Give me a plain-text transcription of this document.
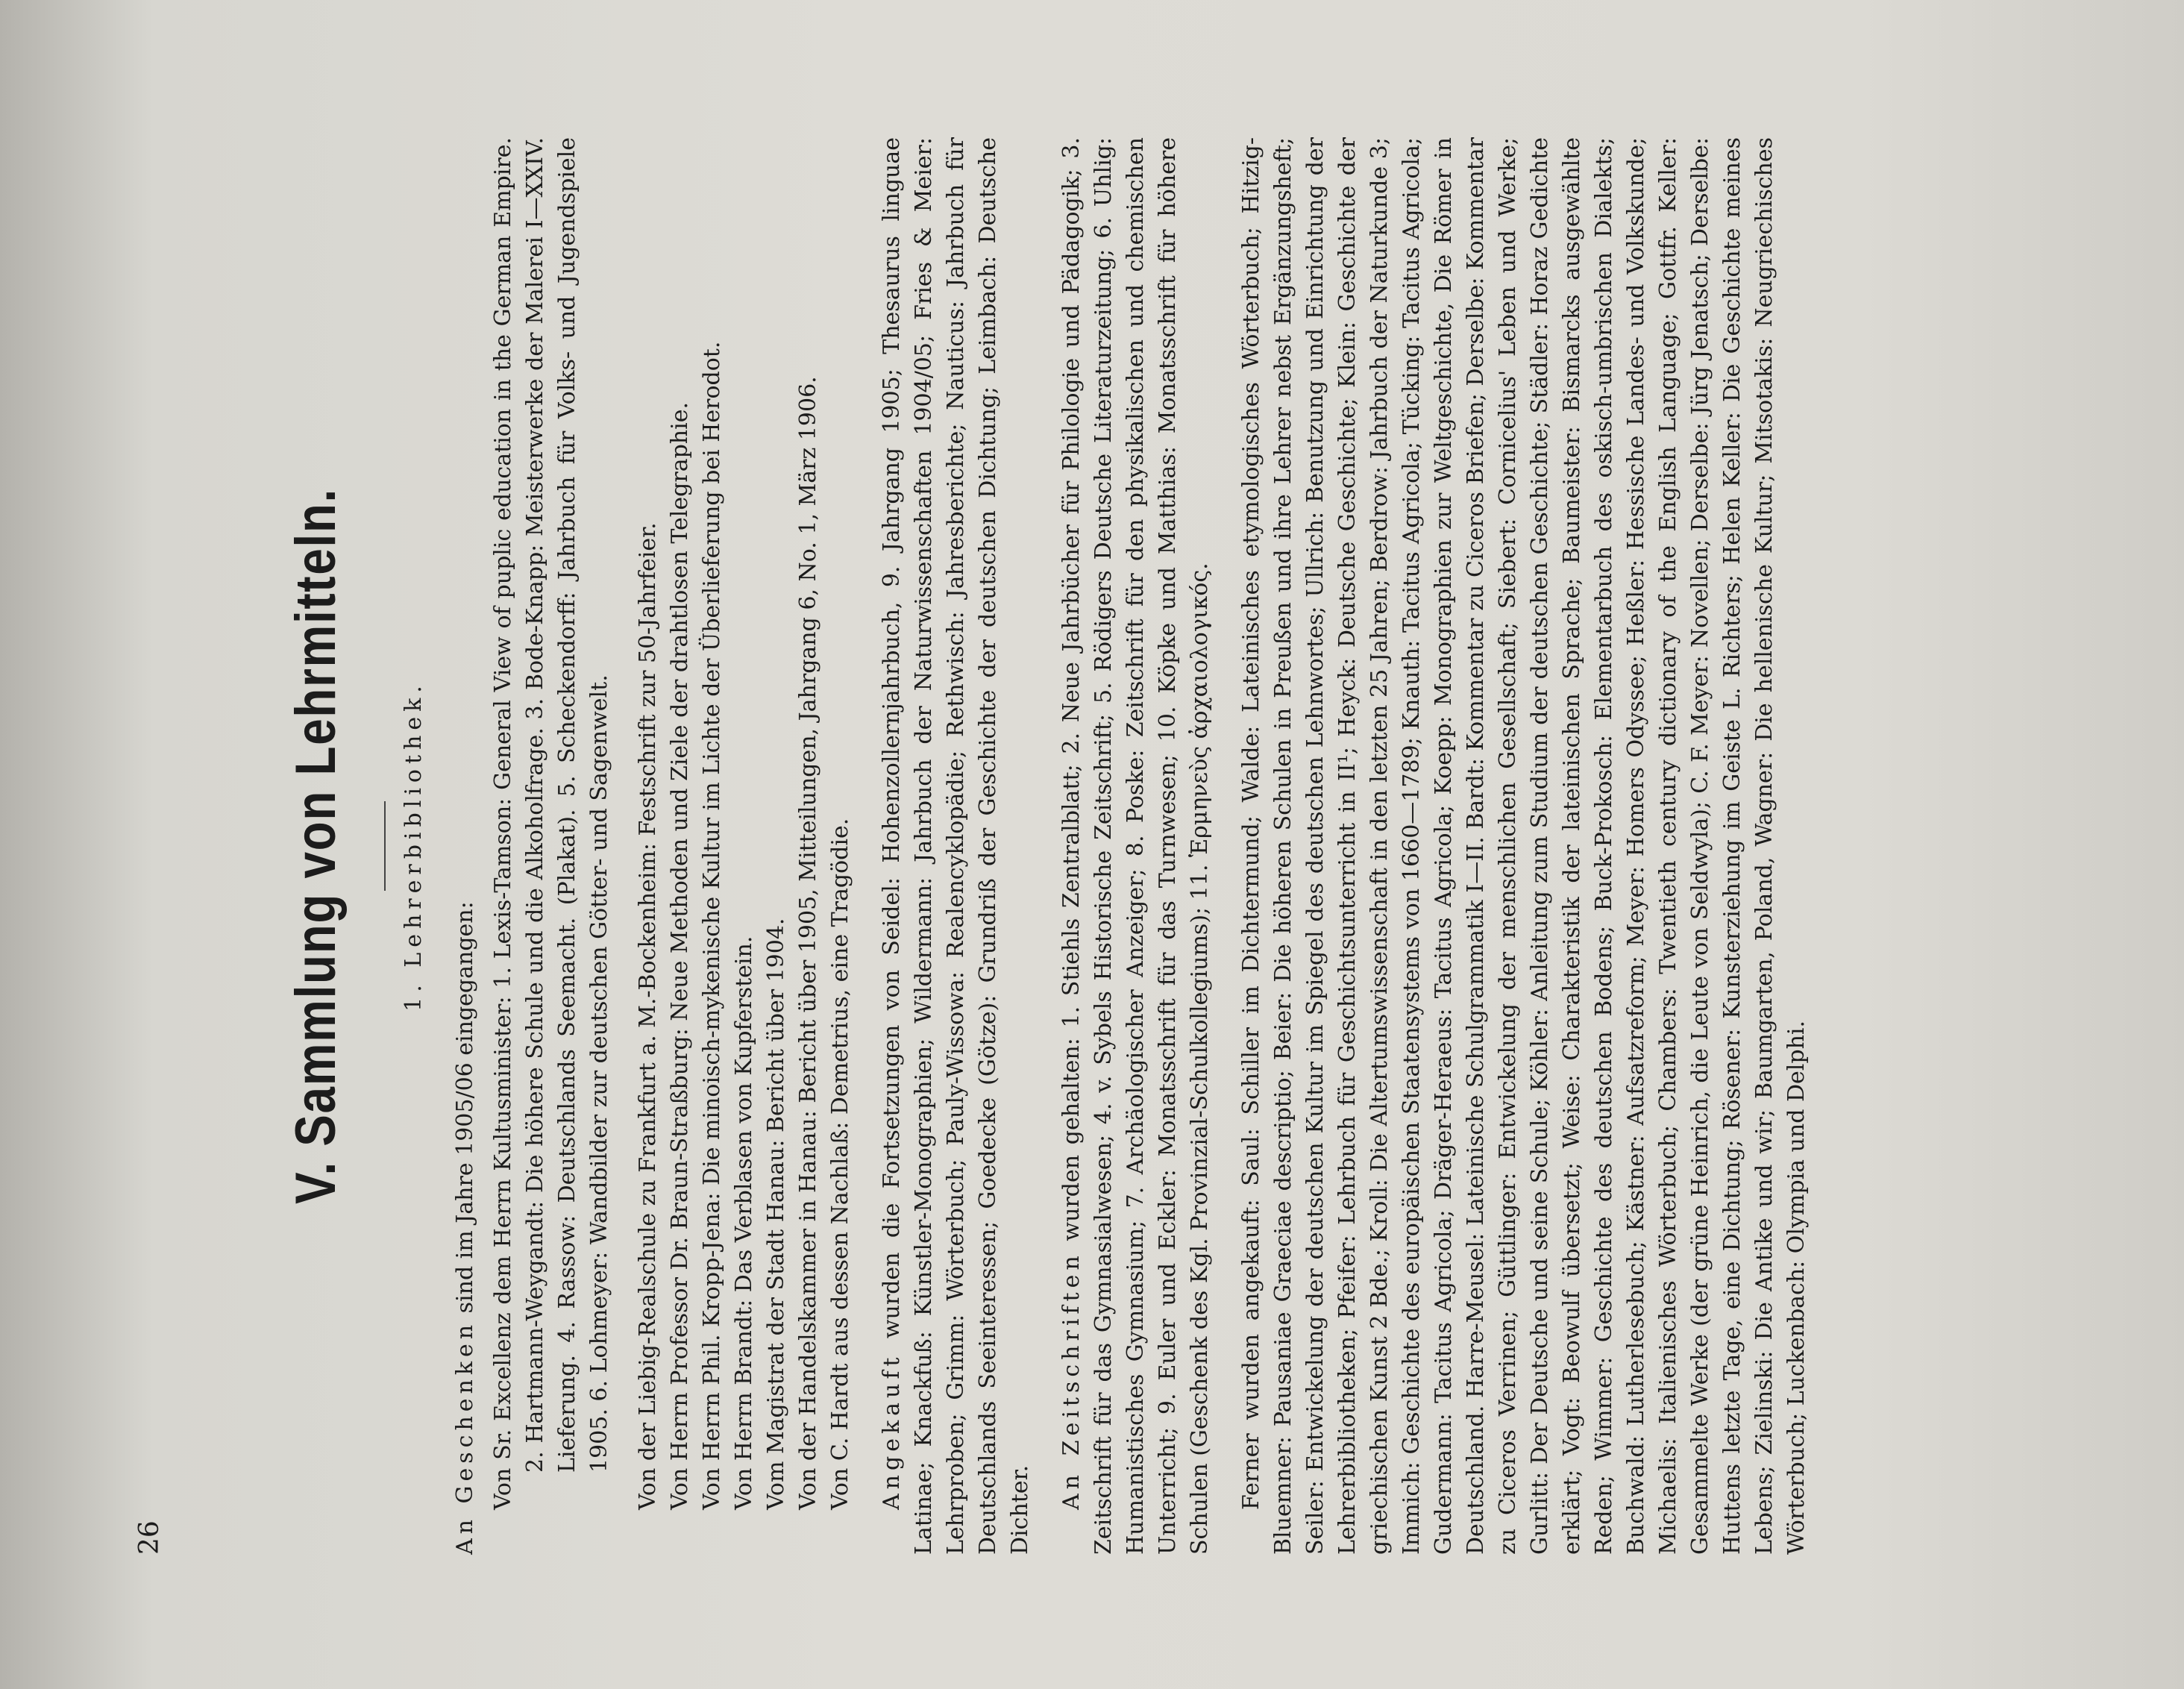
26
V. Sammlung von Lehrmitteln. 1. Lehrerbibliothek.

An Geschenken sind im Jahre 1905/06 eingegangen: Von Sr. Excellenz dem Herrn Kultusminister: 1. Lexis-Tamson: General View of puplic education in the German Empire. 2. Hartmann-Weygandt: Die höhere Schule und die Alkoholfrage. 3. Bode-Knapp: Meisterwerke der Malerei I—XXIV. Lieferung. 4. Rassow: Deutschlands Seemacht. (Plakat). 5. Scheckendorff: Jahrbuch für Volks- und Jugendspiele 1905. 6. Lohmeyer: Wandbilder zur deutschen Götter- und Sagenwelt. Von der Liebig-Realschule zu Frankfurt a. M.-Bockenheim: Festschrift zur 50-Jahrfeier. Von Herrn Professor Dr. Braun-Straßburg: Neue Methoden und Ziele der drahtlosen Telegraphie. Von Herrn Phil. Kropp-Jena: Die minoisch-mykenische Kultur im Lichte der Überlieferung bei Herodot. Von Herrn Brandt: Das Verblasen von Kupferstein. Vom Magistrat der Stadt Hanau: Bericht über 1904. Von der Handelskammer in Hanau: Bericht über 1905, Mitteilungen, Jahrgang 6, No. 1, März 1906. Von C. Hardt aus dessen Nachlaß: Demetrius, eine Tragödie. Angekauft wurden die Fortsetzungen von Seidel: Hohenzollernjahrbuch, 9. Jahrgang 1905; Thesaurus linguae Latinae; Knackfuß: Künstler-Monographien; Wildermann: Jahrbuch der Naturwissenschaften 1904/05; Fries & Meier: Lehrproben; Grimm: Wörterbuch; Pauly-Wissowa: Realencyklopädie; Rethwisch: Jahresberichte; Nauticus: Jahrbuch für Deutschlands Seeinteressen; Goedecke (Götze): Grundriß der Geschichte der deutschen Dichtung; Leimbach: Deutsche Dichter. An Zeitschriften wurden gehalten: 1. Stiehls Zentralblatt; 2. Neue Jahrbücher für Philologie und Pädagogik; 3. Zeitschrift für das Gymnasialwesen; 4. v. Sybels Historische Zeitschrift; 5. Rödigers Deutsche Literaturzeitung; 6. Uhlig: Humanistisches Gymnasium; 7. Archäologischer Anzeiger; 8. Poske: Zeitschrift für den physikalischen und chemischen Unterricht; 9. Euler und Eckler: Monatsschrift für das Turnwesen; 10. Köpke und Matthias: Monatsschrift für höhere Schulen (Geschenk des Kgl. Provinzial-Schulkollegiums); 11. Ἑρμηνεὺς ἀρχαιολογικός. Ferner wurden angekauft: Saul: Schiller im Dichtermund; Walde: Lateinisches etymologisches Wörterbuch; Hitzig-Bluemner: Pausaniae Graeciae descriptio; Beier: Die höheren Schulen in Preußen und ihre Lehrer nebst Ergänzungsheft; Seiler: Entwickelung der deutschen Kultur im Spiegel des deutschen Lehnwortes; Ullrich: Benutzung und Einrichtung der Lehrerbibliotheken; Pfeifer: Lehrbuch für Geschichtsunterricht in II¹; Heyck: Deutsche Geschichte; Klein: Geschichte der griechischen Kunst 2 Bde.; Kroll: Die Altertumswissenschaft in den letzten 25 Jahren; Berdrow: Jahrbuch der Naturkunde 3; Immich: Geschichte des europäischen Staatensystems von 1660—1789; Knauth: Tacitus Agricola; Tücking: Tacitus Agricola; Gudermann: Tacitus Agricola; Dräger-Heraeus: Tacitus Agricola; Koepp: Monographien zur Weltgeschichte, Die Römer in Deutschland. Harre-Meusel: Lateinische Schulgrammatik I—II. Bardt: Kommentar zu Ciceros Briefen; Derselbe: Kommentar zu Ciceros Verrinen; Güttlinger: Entwickelung der menschlichen Gesellschaft; Siebert: Cornicelius' Leben und Werke; Gurlitt: Der Deutsche und seine Schule; Köhler: Anleitung zum Studium der deutschen Geschichte; Städler: Horaz Gedichte erklärt; Vogt: Beowulf übersetzt; Weise: Charakteristik der lateinischen Sprache; Baumeister: Bismarcks ausgewählte Reden; Wimmer: Geschichte des deutschen Bodens; Buck-Prokosch: Elementarbuch des oskisch-umbrischen Dialekts; Buchwald: Lutherlesebuch; Kästner: Aufsatzreform; Meyer: Homers Odyssee; Heßler: Hessische Landes- und Volkskunde; Michaelis: Italienisches Wörterbuch; Chambers: Twentieth century dictionary of the English Language; Gottfr. Keller: Gesammelte Werke (der grüne Heinrich, die Leute von Seldwyla); C. F. Meyer: Novellen; Derselbe: Jürg Jenatsch; Derselbe: Huttens letzte Tage, eine Dichtung; Rösener: Kunsterziehung im Geiste L. Richters; Helen Keller: Die Geschichte meines Lebens; Zielinski: Die Antike und wir; Baumgarten, Poland, Wagner: Die hellenische Kultur; Mitsotakis: Neugriechisches Wörterbuch; Luckenbach: Olympia und Delphi.
